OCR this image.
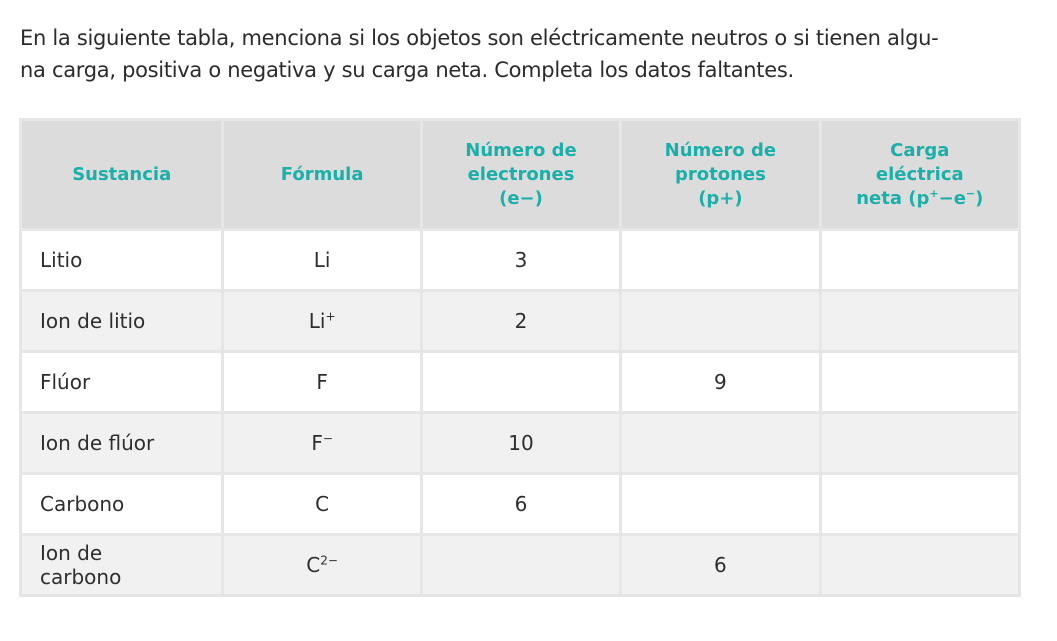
En la siguiente tabla, menciona si los objetos son eléctricamente neutros o si tienen algu-
na carga, positiva o negativa y su carga neta. Completa los datos faltantes.
Sustancia	Fórmula	Número de
electrones
(e−)	Número de
protones
(p+)	Carga
eléctrica
neta (p+−e−)

Litio	Li	3		
Ion de litio	Li+	2		
Flúor	F		9	
Ion de flúor	F−	10		
Carbono	C	6		

Ion de
carbono	$C^{2-}$		6	
